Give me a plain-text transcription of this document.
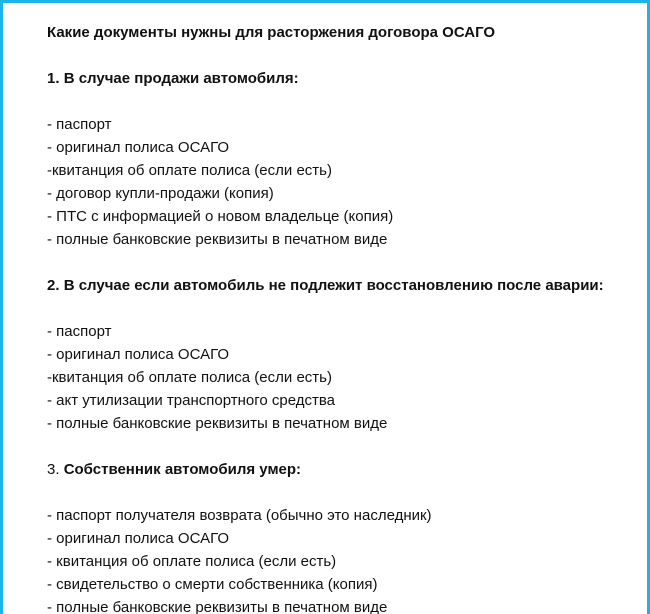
Какие документы нужны для расторжения договора ОСАГО

1. В случае продажи автомобиля:

- паспорт

- оригинал полиса ОСАГО

-квитанция об оплате полиса (если есть)

- договор купли-продажи (копия)

- ПТС с информацией о новом владельце (копия)

- полные банковские реквизиты в печатном виде

2. В случае если автомобиль не подлежит восстановлению после аварии:

- паспорт

- оригинал полиса ОСАГО

-квитанция об оплате полиса (если есть)

- акт утилизации транспортного средства

- полные банковские реквизиты в печатном виде

3. Собственник автомобиля умер:

- паспорт получателя возврата (обычно это наследник)

- оригинал полиса ОСАГО

- квитанция об оплате полиса (если есть)

- свидетельство о смерти собственника (копия)

- полные банковские реквизиты в печатном виде
